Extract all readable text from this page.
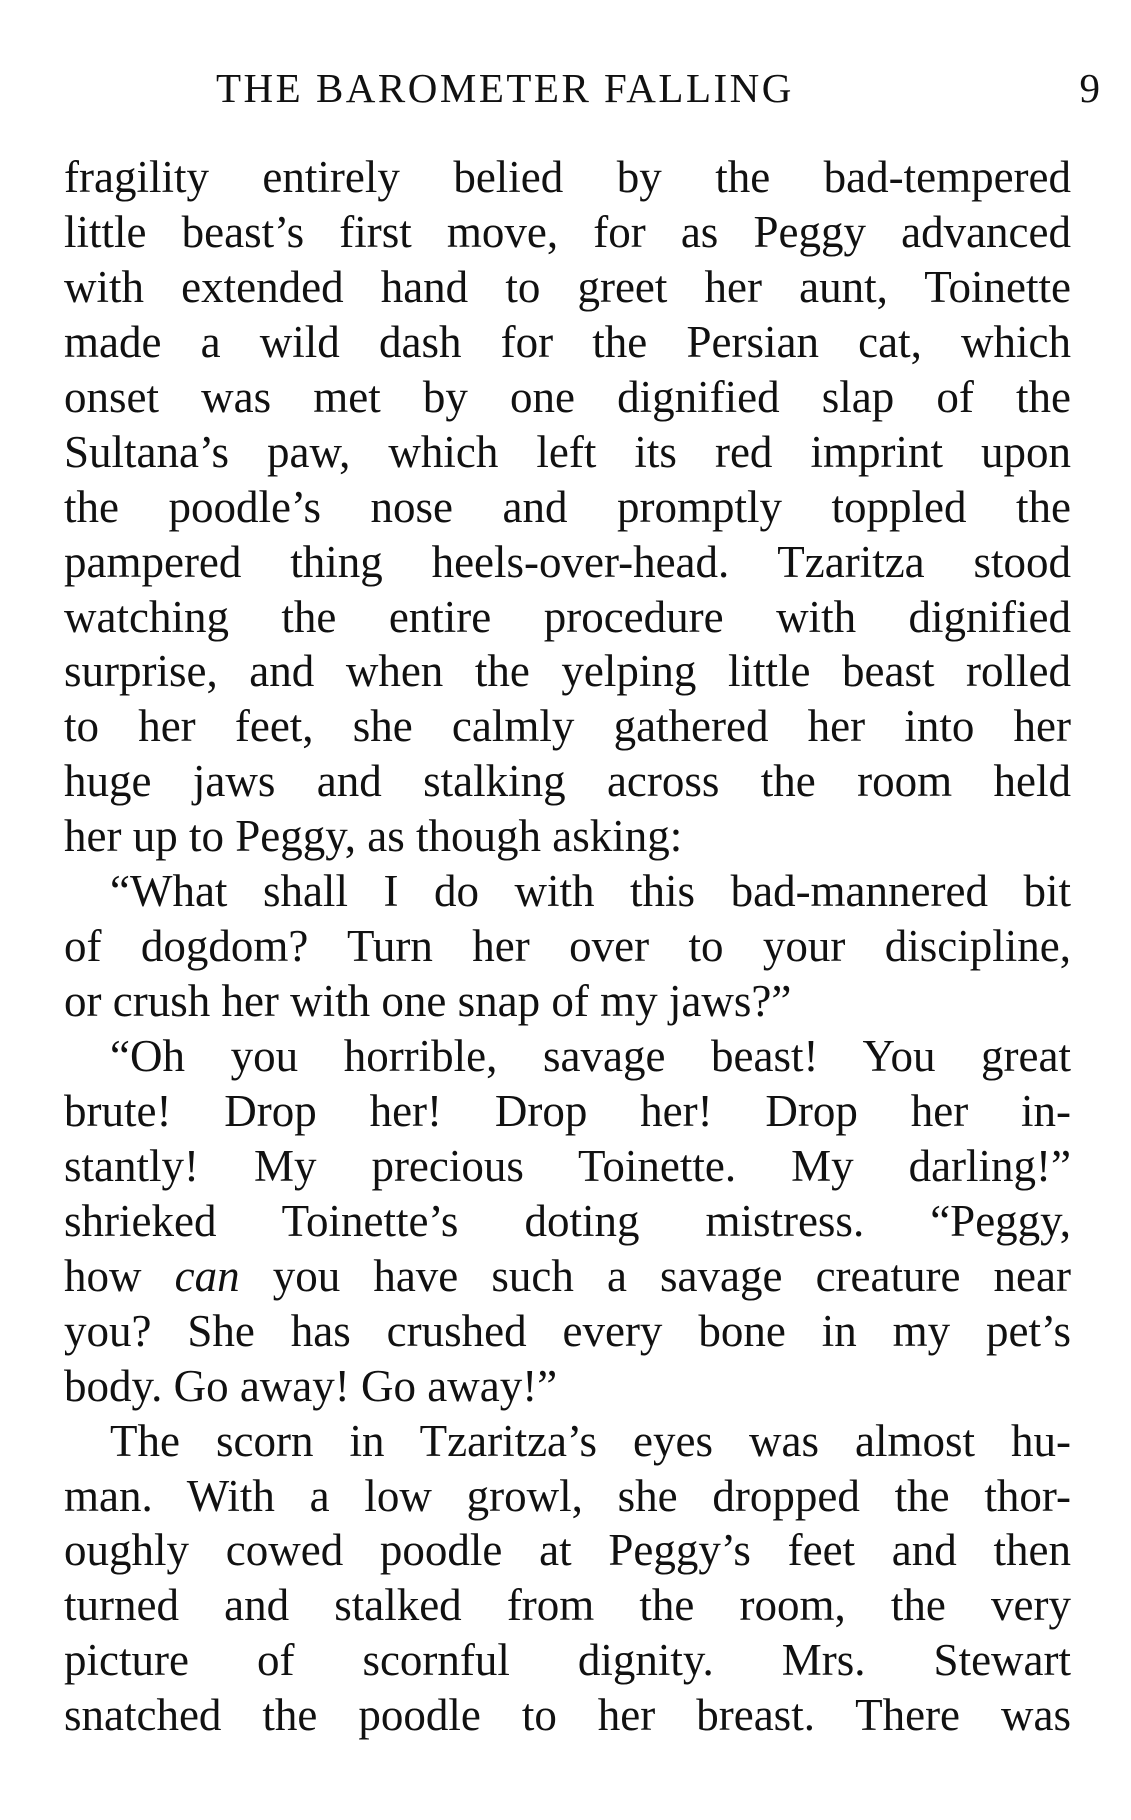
THE BAROMETER FALLING	9
fragility entirely belied by the bad-tempered
little beast’s first move, for as Peggy advanced
with extended hand to greet her aunt, Toinette
made a wild dash for the Persian cat, which
onset was met by one dignified slap of the
Sultana’s paw, which left its red imprint upon
the poodle’s nose and promptly toppled the
pampered thing heels-over-head. Tzaritza stood
watching the entire procedure with dignified
surprise, and when the yelping little beast rolled
to her feet, she calmly gathered her into her
huge jaws and stalking across the room held
her up to Peggy, as though asking:
“What shall I do with this bad-mannered bit
of dogdom? Turn her over to your discipline,
or crush her with one snap of my jaws?”
“Oh you horrible, savage beast! You great
brute! Drop her! Drop her! Drop her in-
stantly! My precious Toinette. My darling!”
shrieked Toinette’s doting mistress. “Peggy,
how can you have such a savage creature near
you? She has crushed every bone in my pet’s
body. Go away! Go away!”
The scorn in Tzaritza’s eyes was almost hu-
man. With a low growl, she dropped the thor-
oughly cowed poodle at Peggy’s feet and then
turned and stalked from the room, the very
picture of scornful dignity. Mrs. Stewart
snatched the poodle to her breast. There was
